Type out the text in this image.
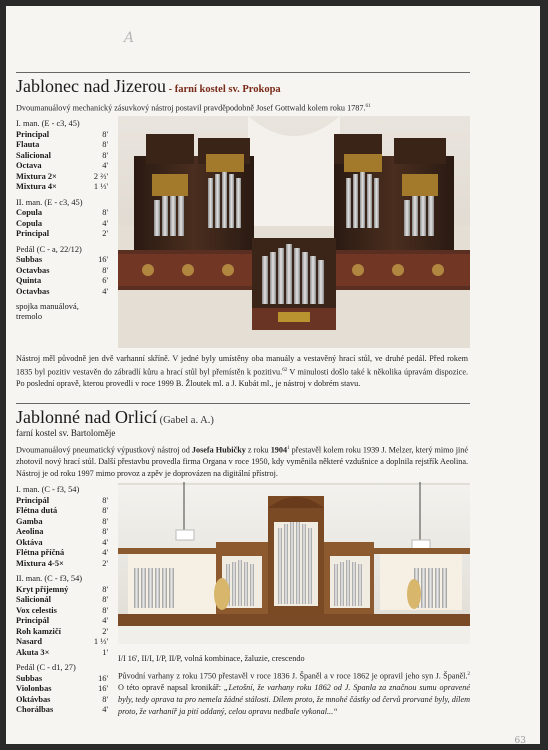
A
Jablonec nad Jizerou - farní kostel sv. Prokopa
Dvoumanuálový mechanický zásuvkový nástroj postavil pravděpodobně Josef Gottwald kolem roku 1787.61
I. man. (E - c3, 45)
Principal	8'
Flauta	8'
Salicional	8'
Octava	4'
Mixtura 2×	2 ⅔'
Mixtura 4×	1 ⅓'
II. man. (E - c3, 45)
Copula	8'
Copula	4'
Principal	2'
Pedál (C - a, 22/12)
Subbas	16'
Octavbas	8'
Quinta	6'
Octavbas	4'
spojka manuálová,
tremolo
Nástroj měl původně jen dvě varhanní skříně. V jedné byly umístěny oba manuály a vestavěný hrací stůl, ve druhé pedál. Před rokem 1835 byl pozitiv vestavěn do zábradlí kůru a hrací stůl byl přemístěn k pozitivu.$^{62}$ V minulosti došlo také k několika úpravám dispozice. Po poslední opravě, kterou provedli v roce 1999 B. Žloutek ml. a J. Kubát ml., je nástroj v dobrém stavu.
Jablonné nad Orlicí (Gabel a. A.)
farní kostel sv. Bartoloměje
Dvoumanuálový pneumatický výpustkový nástroj od Josefa Hubičky z roku 1904$^1$ přestavěl kolem roku 1939 J. Melzer, který mimo jiné zhotovil nový hrací stůl. Další přestavbu provedla firma Organa v roce 1950, kdy vyměnila některé vzdušnice a doplnila rejstřík Aeolina. Nástroj je od roku 1997 mimo provoz a zpěv je doprovázen na digitální přístroj.
I. man. (C - f3, 54)
Principál	8'
Flétna dutá	8'
Gamba	8'
Aeolina	8'
Oktáva	4'
Flétna příčná	4'
Mixtura 4-5×	2'
II. man. (C - f3, 54)
Kryt příjemný	8'
Salicionál	8'
Vox celestis	8'
Principál	4'
Roh kamzičí	2'
Nasard	1 ⅓'
Akuta 3×	1'
Pedál (C - d1, 27)
Subbas	16'
Violonbas	16'
Oktávbas	8'
Chorálbas	4'
I/I 16', II/I, I/P, II/P, volná kombinace, žaluzie, crescendo
Původní varhany z roku 1750 přestavěl v roce 1836 J. Španěl a v roce 1862 je opravil jeho syn J. Španěl.$^2$ O této opravě napsal kronikář: „Letošní, že varhany roku 1862 od J. Spanla za značnou sumu opravené byly, tedy oprava ta pro nemela žádné stálosti. Dílem proto, že mnohé částky od červů prorvané byly, dílem proto, že varhaníř ja pití oddaný, celou opravu nedbale vykonal...“
63
